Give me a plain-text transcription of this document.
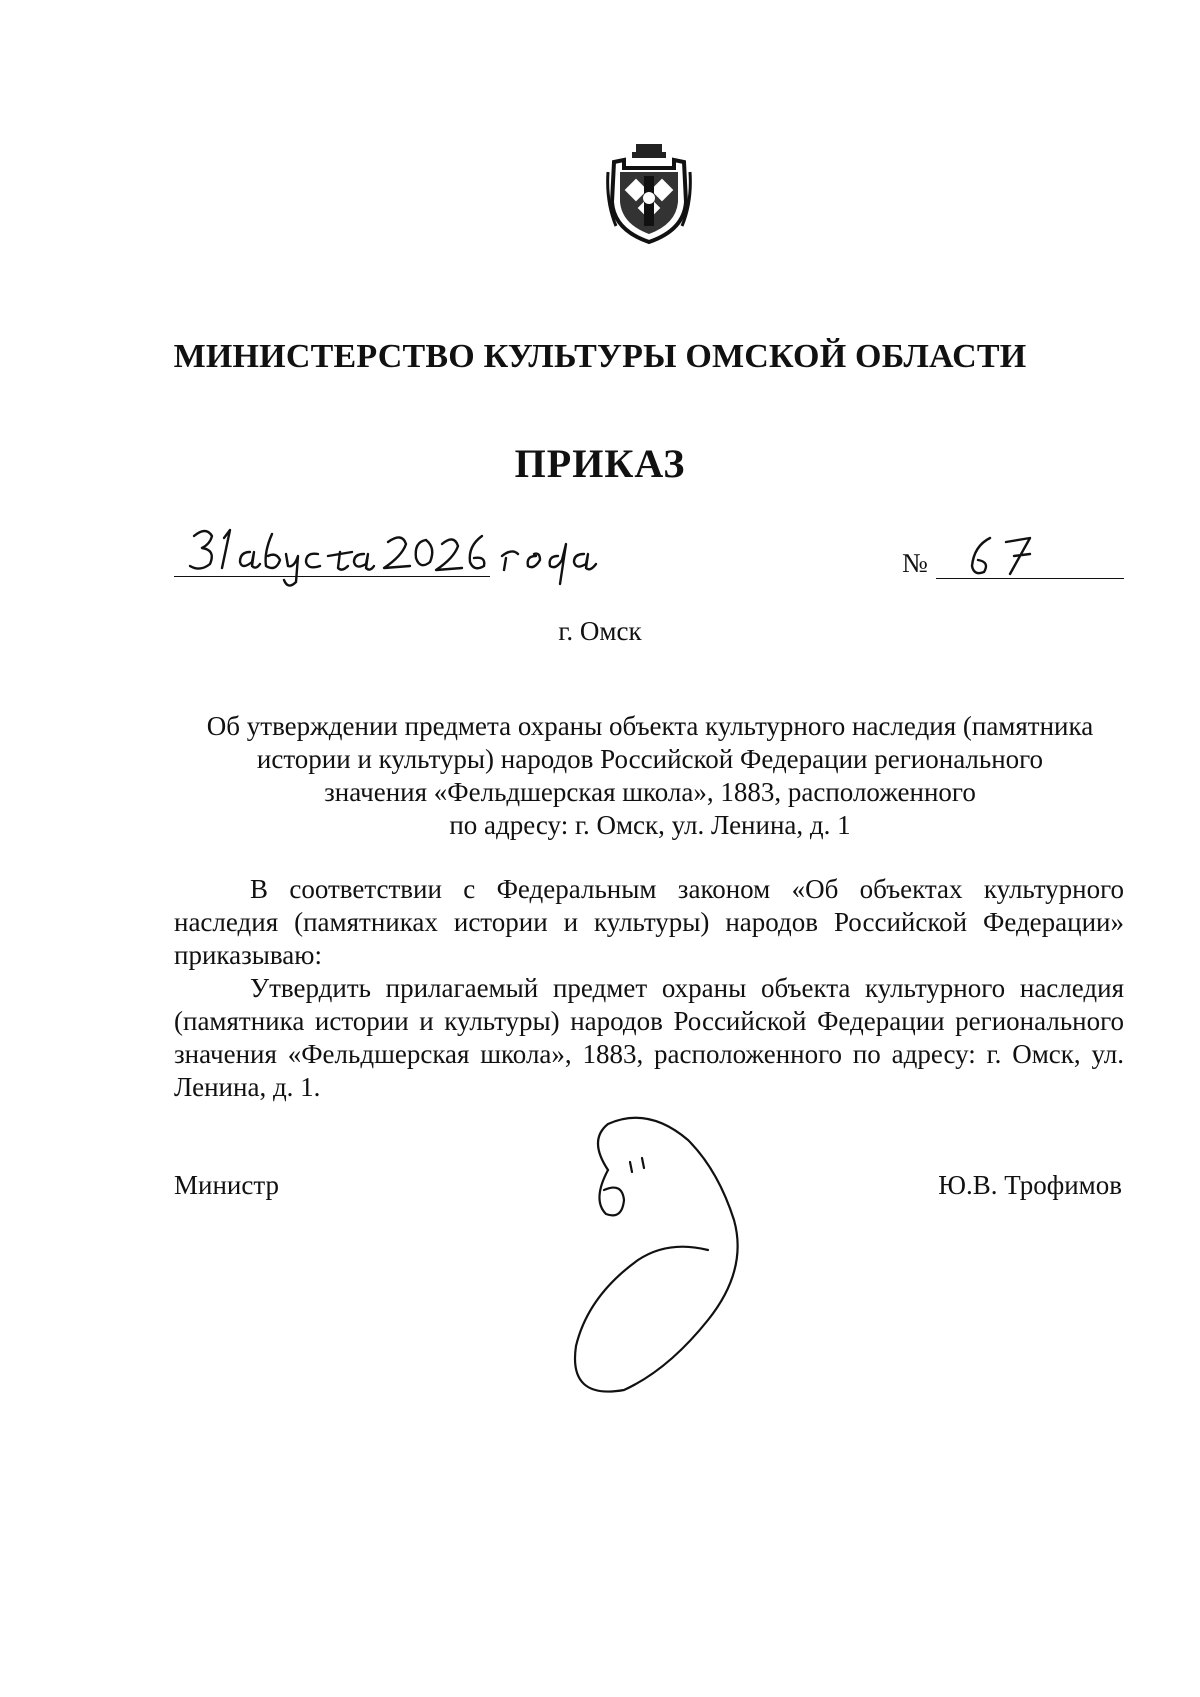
МИНИСТЕРСТВО КУЛЬТУРЫ ОМСКОЙ ОБЛАСТИ
ПРИКАЗ
№
г. Омск
Об утверждении предмета охраны объекта культурного наследия (памятника
истории и культуры) народов Российской Федерации регионального
значения «Фельдшерская школа», 1883, расположенного
по адресу: г. Омск, ул. Ленина, д. 1

В соответствии с Федеральным законом «Об объектах культурного наследия (памятниках истории и культуры) народов Российской Федерации» приказываю:

Утвердить прилагаемый предмет охраны объекта культурного наследия (памятника истории и культуры) народов Российской Федерации регионального значения «Фельдшерская школа», 1883, расположенного по адресу: г. Омск, ул. Ленина, д. 1.

Министр	Ю.В. Трофимов
